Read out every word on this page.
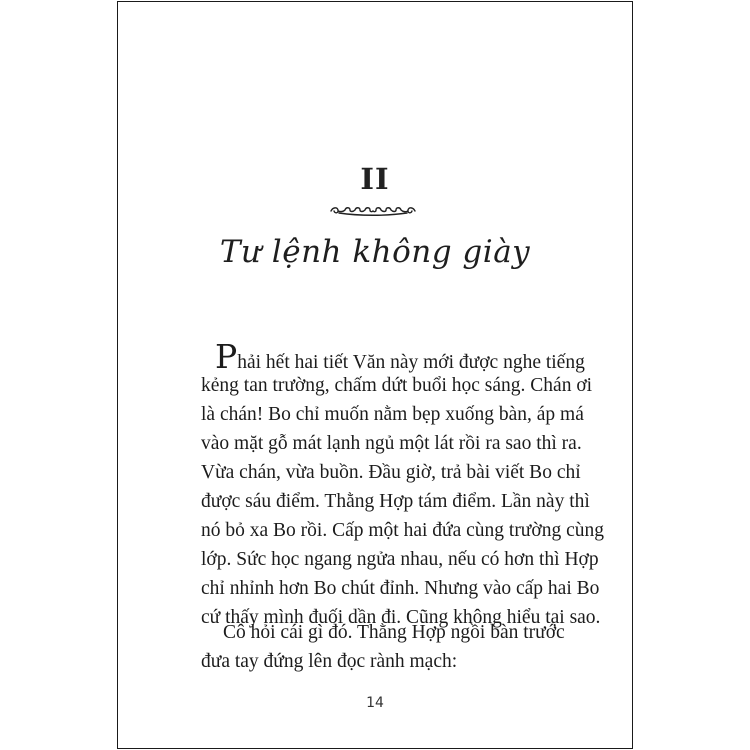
II
Tư lệnh không giày
Phải hết hai tiết Văn này mới được nghe tiếng
kẻng tan trường, chấm dứt buổi học sáng. Chán ơi
là chán! Bo chỉ muốn nằm bẹp xuống bàn, áp má
vào mặt gỗ mát lạnh ngủ một lát rồi ra sao thì ra.
Vừa chán, vừa buồn. Đầu giờ, trả bài viết Bo chỉ
được sáu điểm. Thằng Hợp tám điểm. Lần này thì
nó bỏ xa Bo rồi. Cấp một hai đứa cùng trường cùng
lớp. Sức học ngang ngửa nhau, nếu có hơn thì Hợp
chỉ nhỉnh hơn Bo chút đỉnh. Nhưng vào cấp hai Bo
cứ thấy mình đuối dần đi. Cũng không hiểu tại sao.
Cô hỏi cái gì đó. Thằng Hợp ngồi bàn trước
đưa tay đứng lên đọc rành mạch:
14
